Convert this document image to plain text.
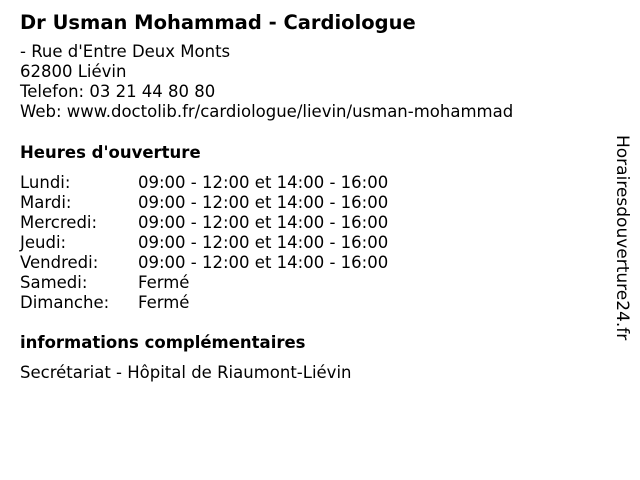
Dr Usman Mohammad - Cardiologue
- Rue d'Entre Deux Monts
62800 Liévin
Telefon: 03 21 44 80 80
Web: www.doctolib.fr/cardiologue/lievin/usman-mohammad
Heures d'ouverture
Lundi:	09:00 - 12:00 et 14:00 - 16:00
Mardi:	09:00 - 12:00 et 14:00 - 16:00
Mercredi:	09:00 - 12:00 et 14:00 - 16:00
Jeudi:	09:00 - 12:00 et 14:00 - 16:00
Vendredi:	09:00 - 12:00 et 14:00 - 16:00
Samedi:	Fermé
Dimanche:	Fermé
informations complémentaires
Secrétariat - Hôpital de Riaumont-Liévin
Horairesdouverture24.fr
